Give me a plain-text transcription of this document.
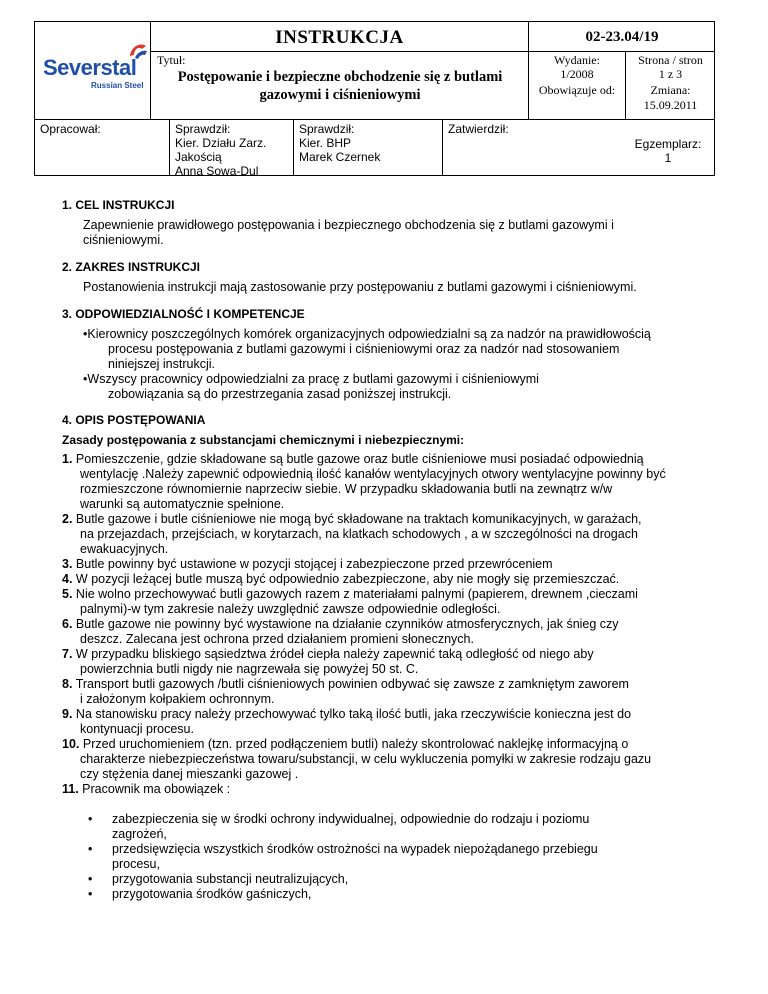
Severstal
Russian Steel
INSTRUKCJA	02-23.04/19
Tytuł:
Postępowanie i bezpieczne obchodzenie się z butlami gazowymi i ciśnieniowymi
Wydanie:
1/2008
Obowiązuje od:
Strona / stron
1 z 3
Zmiana:
15.09.2011
Opracował:	Sprawdził:
Kier. Działu Zarz. Jakością
Anna Sowa-Dul
Sprawdził:
Kier. BHP
Marek Czernek
Zatwierdził:
Egzemplarz:
1
1. CEL INSTRUKCJI
Zapewnienie prawidłowego postępowania i bezpiecznego obchodzenia się z butlami gazowymi i
ciśnieniowymi.
2. ZAKRES INSTRUKCJI
Postanowienia instrukcji mają zastosowanie przy postępowaniu z butlami gazowymi i ciśnieniowymi.
3. ODPOWIEDZIALNOŚĆ I KOMPETENCJE
•Kierownicy poszczególnych komórek organizacyjnych odpowiedzialni są za nadzór na prawidłowością
procesu postępowania z butlami gazowymi i ciśnieniowymi oraz za nadzór nad stosowaniem
niniejszej instrukcji.
•Wszyscy pracownicy odpowiedzialni za pracę z butlami gazowymi i ciśnieniowymi
zobowiązania są do przestrzegania zasad poniższej instrukcji.
4. OPIS POSTĘPOWANIA
Zasady postępowania z substancjami chemicznymi i niebezpiecznymi:
1. Pomieszczenie, gdzie składowane są butle gazowe oraz butle ciśnieniowe musi posiadać odpowiednią
wentylację .Należy zapewnić odpowiednią ilość kanałów wentylacyjnych otwory wentylacyjne powinny być
rozmieszczone równomiernie naprzeciw siebie. W przypadku składowania butli na zewnątrz w/w
warunki są automatycznie spełnione.
2. Butle gazowe i butle ciśnieniowe nie mogą być składowane na traktach komunikacyjnych, w garażach,
na przejazdach, przejściach, w korytarzach, na klatkach schodowych , a w szczególności na drogach
ewakuacyjnych.
3. Butle powinny być ustawione w pozycji stojącej i zabezpieczone przed przewróceniem
4. W pozycji leżącej butle muszą być odpowiednio zabezpieczone, aby nie mogły się przemieszczać.
5. Nie wolno przechowywać butli gazowych razem z materiałami palnymi (papierem, drewnem ,cieczami
palnymi)-w tym zakresie należy uwzględnić zawsze odpowiednie odległości.
6. Butle gazowe nie powinny być wystawione na działanie czynników atmosferycznych, jak śnieg czy
deszcz. Zalecana jest ochrona przed działaniem promieni słonecznych.
7. W przypadku bliskiego sąsiedztwa źródeł ciepła należy zapewnić taką odległość od niego aby
powierzchnia butli nigdy nie nagrzewała się powyżej 50 st. C.
8. Transport butli gazowych /butli ciśnieniowych powinien odbywać się zawsze z zamkniętym zaworem
i założonym kołpakiem ochronnym.
9. Na stanowisku pracy należy przechowywać tylko taką ilość butli, jaka rzeczywiście konieczna jest do
kontynuacji procesu.
10. Przed uruchomieniem (tzn. przed podłączeniem butli) należy skontrolować naklejkę informacyjną o
charakterze niebezpieczeństwa towaru/substancji, w celu wykluczenia pomyłki w zakresie rodzaju gazu
czy stężenia danej mieszanki gazowej .
11. Pracownik ma obowiązek :
• zabezpieczenia się w środki ochrony indywidualnej, odpowiednie do rodzaju i poziomu
zagrożeń,
• przedsięwzięcia wszystkich środków ostrożności na wypadek niepożądanego przebiegu
procesu,
• przygotowania substancji neutralizujących,
• przygotowania środków gaśniczych,
